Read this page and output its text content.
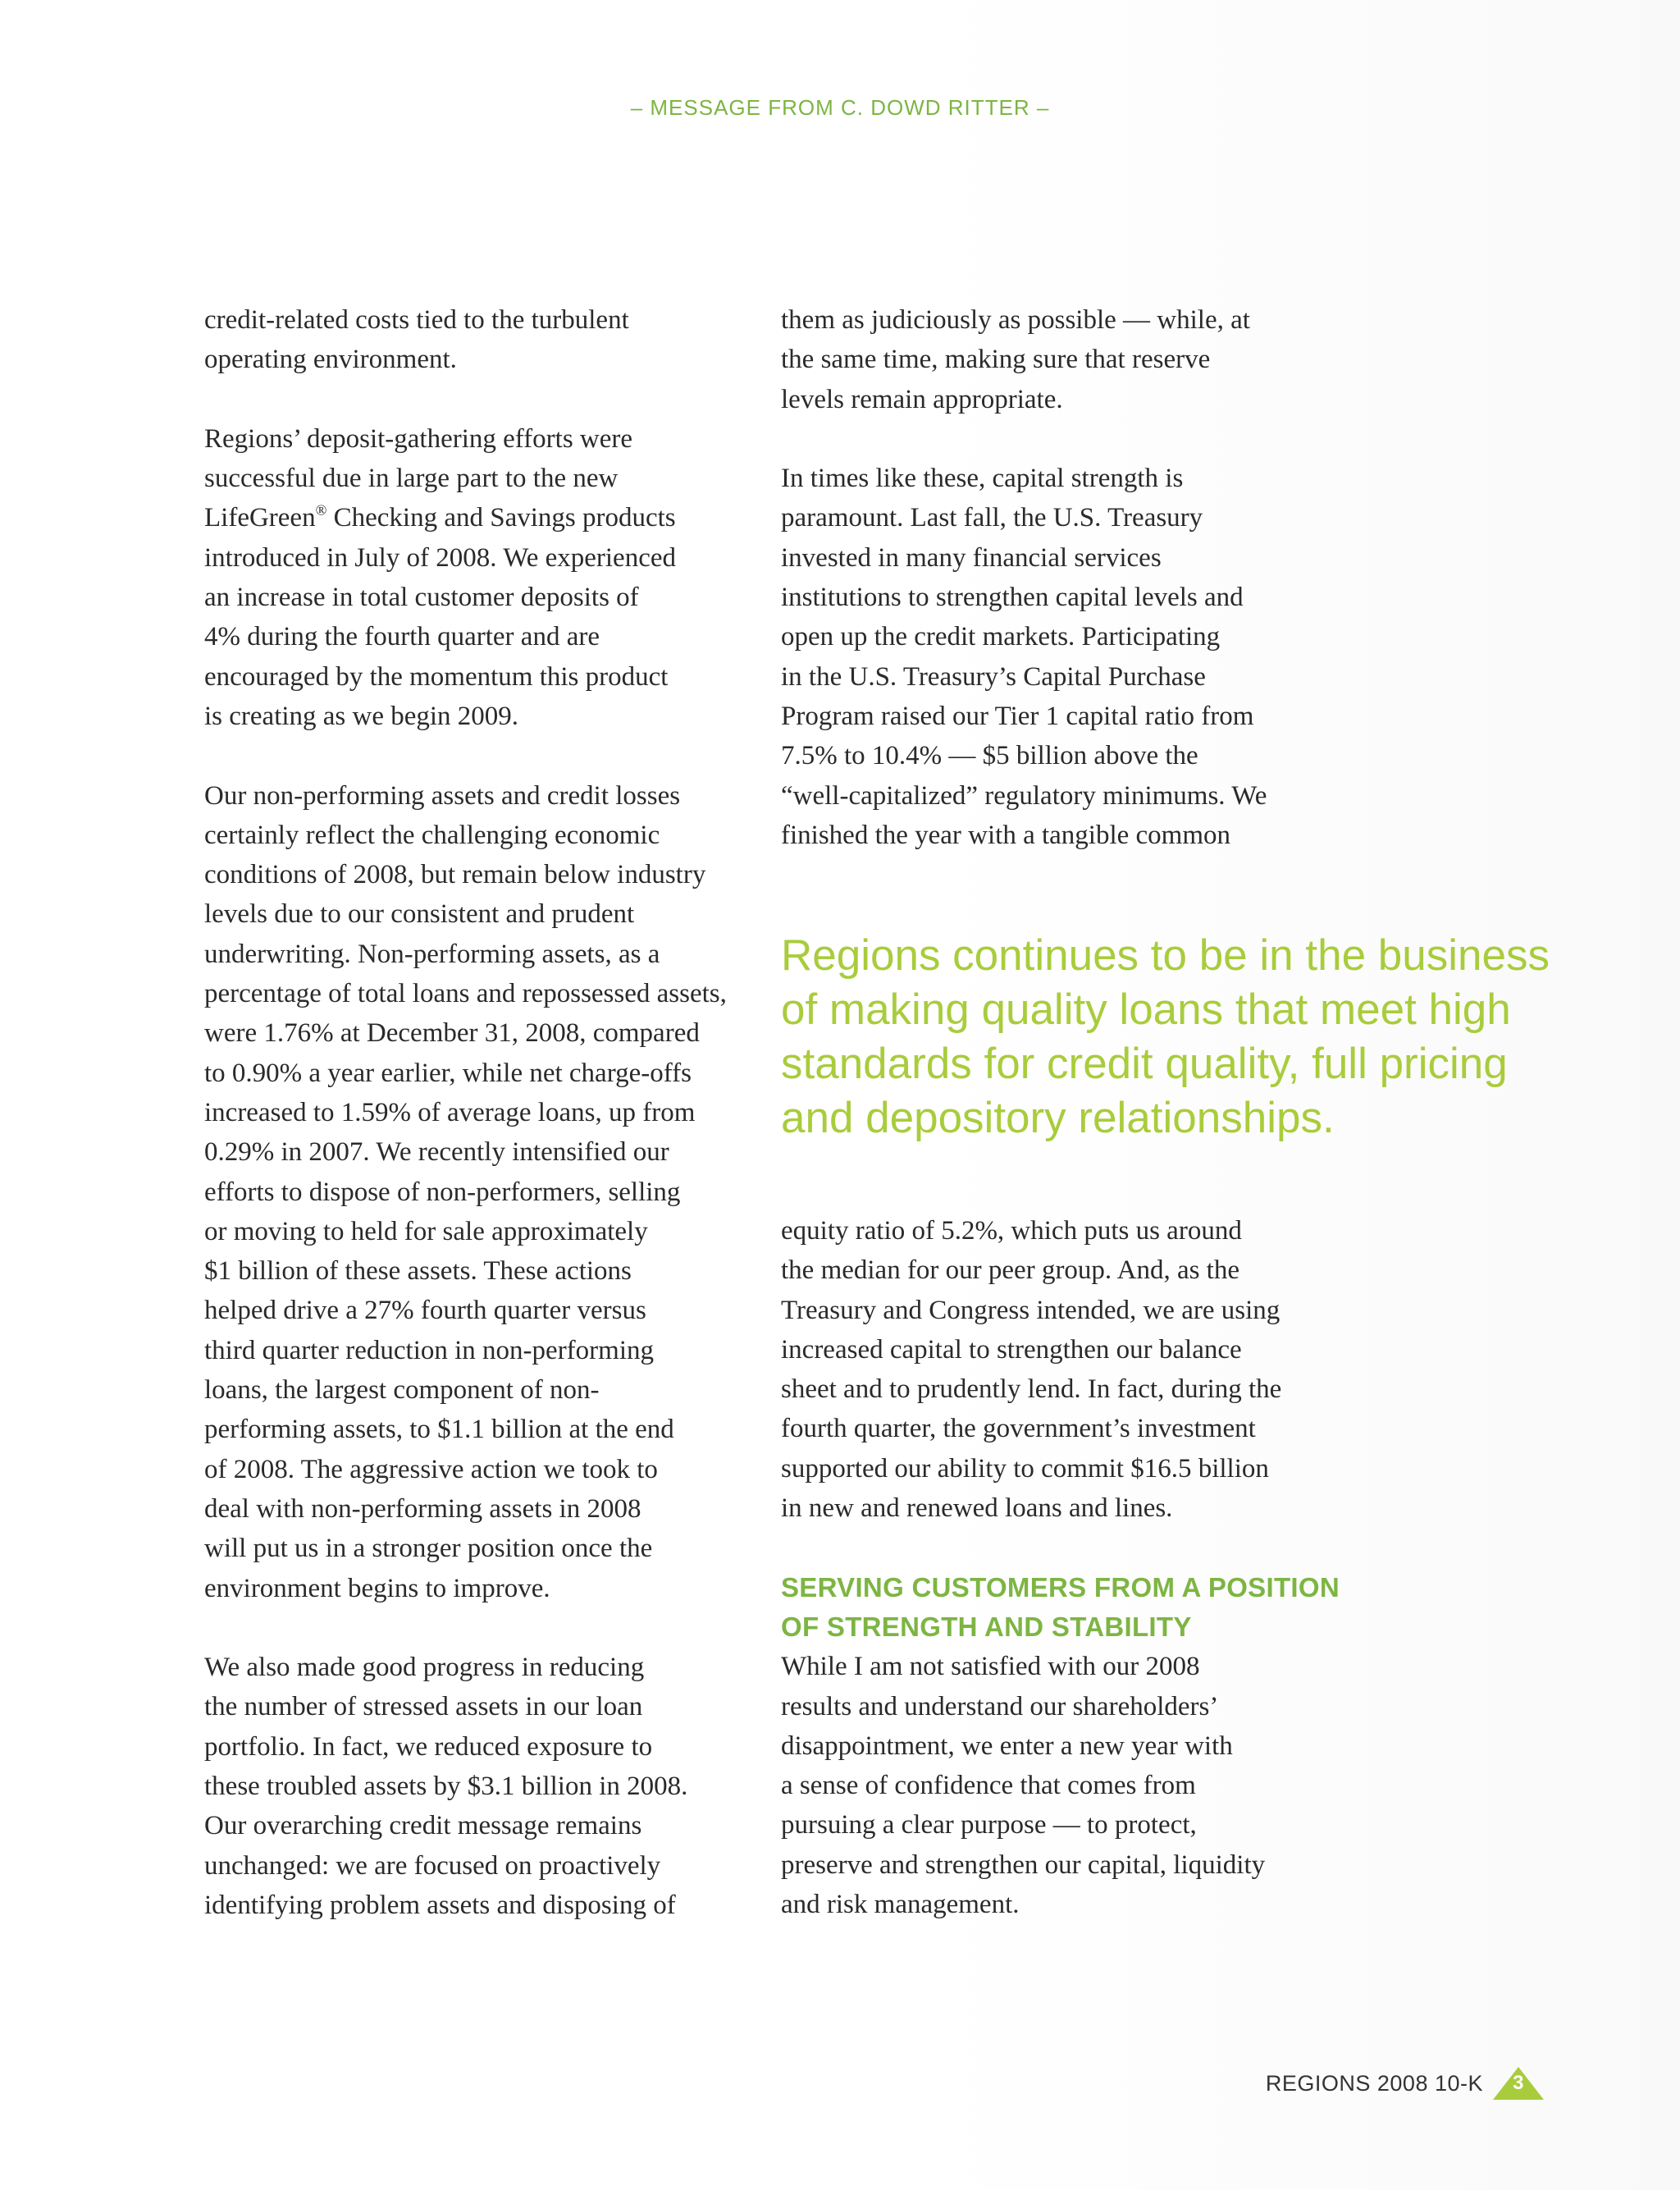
– MESSAGE FROM C. DOWD RITTER –

credit-related costs tied to the turbulent
operating environment.

Regions’ deposit-gathering efforts were
successful due in large part to the new
LifeGreen® Checking and Savings products
introduced in July of 2008. We experienced
an increase in total customer deposits of
4% during the fourth quarter and are
encouraged by the momentum this product
is creating as we begin 2009.

Our non-performing assets and credit losses
certainly reflect the challenging economic
conditions of 2008, but remain below industry
levels due to our consistent and prudent
underwriting. Non-performing assets, as a
percentage of total loans and repossessed assets,
were 1.76% at December 31, 2008, compared
to 0.90% a year earlier, while net charge-offs
increased to 1.59% of average loans, up from
0.29% in 2007. We recently intensified our
efforts to dispose of non-performers, selling
or moving to held for sale approximately
$1 billion of these assets. These actions
helped drive a 27% fourth quarter versus
third quarter reduction in non-performing
loans, the largest component of non-
performing assets, to $1.1 billion at the end
of 2008. The aggressive action we took to
deal with non-performing assets in 2008
will put us in a stronger position once the
environment begins to improve.

We also made good progress in reducing
the number of stressed assets in our loan
portfolio. In fact, we reduced exposure to
these troubled assets by $3.1 billion in 2008.
Our overarching credit message remains
unchanged: we are focused on proactively
identifying problem assets and disposing of

them as judiciously as possible — while, at
the same time, making sure that reserve
levels remain appropriate.

In times like these, capital strength is
paramount. Last fall, the U.S. Treasury
invested in many financial services
institutions to strengthen capital levels and
open up the credit markets. Participating
in the U.S. Treasury’s Capital Purchase
Program raised our Tier 1 capital ratio from
7.5% to 10.4% — $5 billion above the
“well-capitalized” regulatory minimums. We
finished the year with a tangible common

Regions continues to be in the business
of making quality loans that meet high
standards for credit quality, full pricing
and depository relationships.

equity ratio of 5.2%, which puts us around
the median for our peer group. And, as the
Treasury and Congress intended, we are using
increased capital to strengthen our balance
sheet and to prudently lend. In fact, during the
fourth quarter, the government’s investment
supported our ability to commit $16.5 billion
in new and renewed loans and lines.

SERVING CUSTOMERS FROM A POSITION
OF STRENGTH AND STABILITY

While I am not satisfied with our 2008
results and understand our shareholders’
disappointment, we enter a new year with
a sense of confidence that comes from
pursuing a clear purpose — to protect,
preserve and strengthen our capital, liquidity
and risk management.

REGIONS 2008 10-K	3
